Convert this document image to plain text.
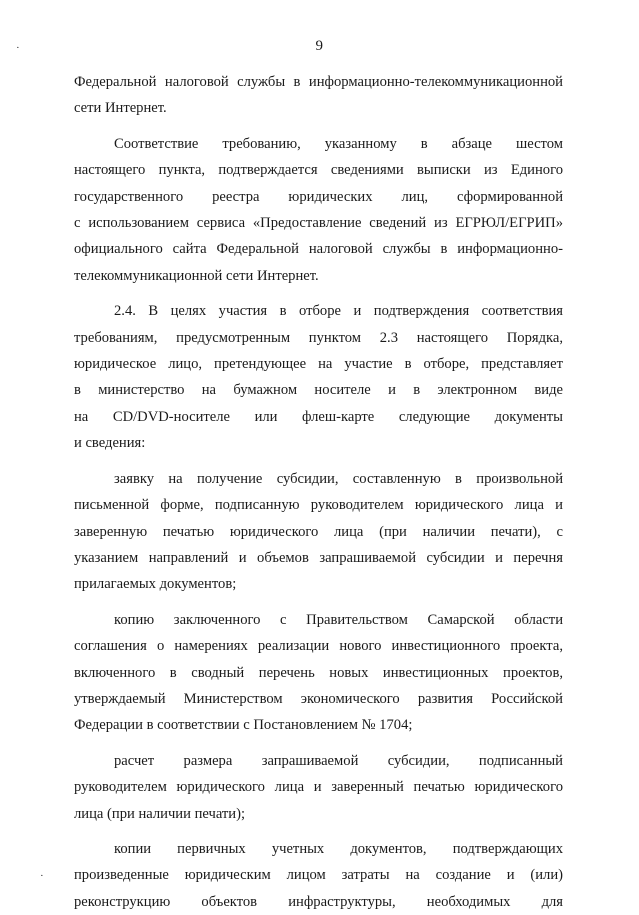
9
Федеральной налоговой службы в информационно-телекоммуникационной
сети Интернет.
Соответствие требованию, указанному в абзаце шестом
настоящего пункта, подтверждается сведениями выписки из Единого
государственного реестра юридических лиц, сформированной
с использованием сервиса «Предоставление сведений из ЕГРЮЛ/ЕГРИП»
официального сайта Федеральной налоговой службы в информационно-
телекоммуникационной сети Интернет.
2.4. В целях участия в отборе и подтверждения соответствия
требованиям, предусмотренным пунктом 2.3 настоящего Порядка,
юридическое лицо, претендующее на участие в отборе, представляет
в министерство на бумажном носителе и в электронном виде
на CD/DVD-носителе или флеш-карте следующие документы
и сведения:
заявку на получение субсидии, составленную в произвольной
письменной форме, подписанную руководителем юридического лица и
заверенную печатью юридического лица (при наличии печати), с
указанием направлений и объемов запрашиваемой субсидии и перечня
прилагаемых документов;
копию заключенного с Правительством Самарской области
соглашения о намерениях реализации нового инвестиционного проекта,
включенного в сводный перечень новых инвестиционных проектов,
утверждаемый Министерством экономического развития Российской
Федерации в соответствии с Постановлением № 1704;
расчет размера запрашиваемой субсидии, подписанный
руководителем юридического лица и заверенный печатью юридического
лица (при наличии печати);
копии первичных учетных документов, подтверждающих
произведенные юридическим лицом затраты на создание и (или)
реконструкцию объектов инфраструктуры, необходимых для
·
·
